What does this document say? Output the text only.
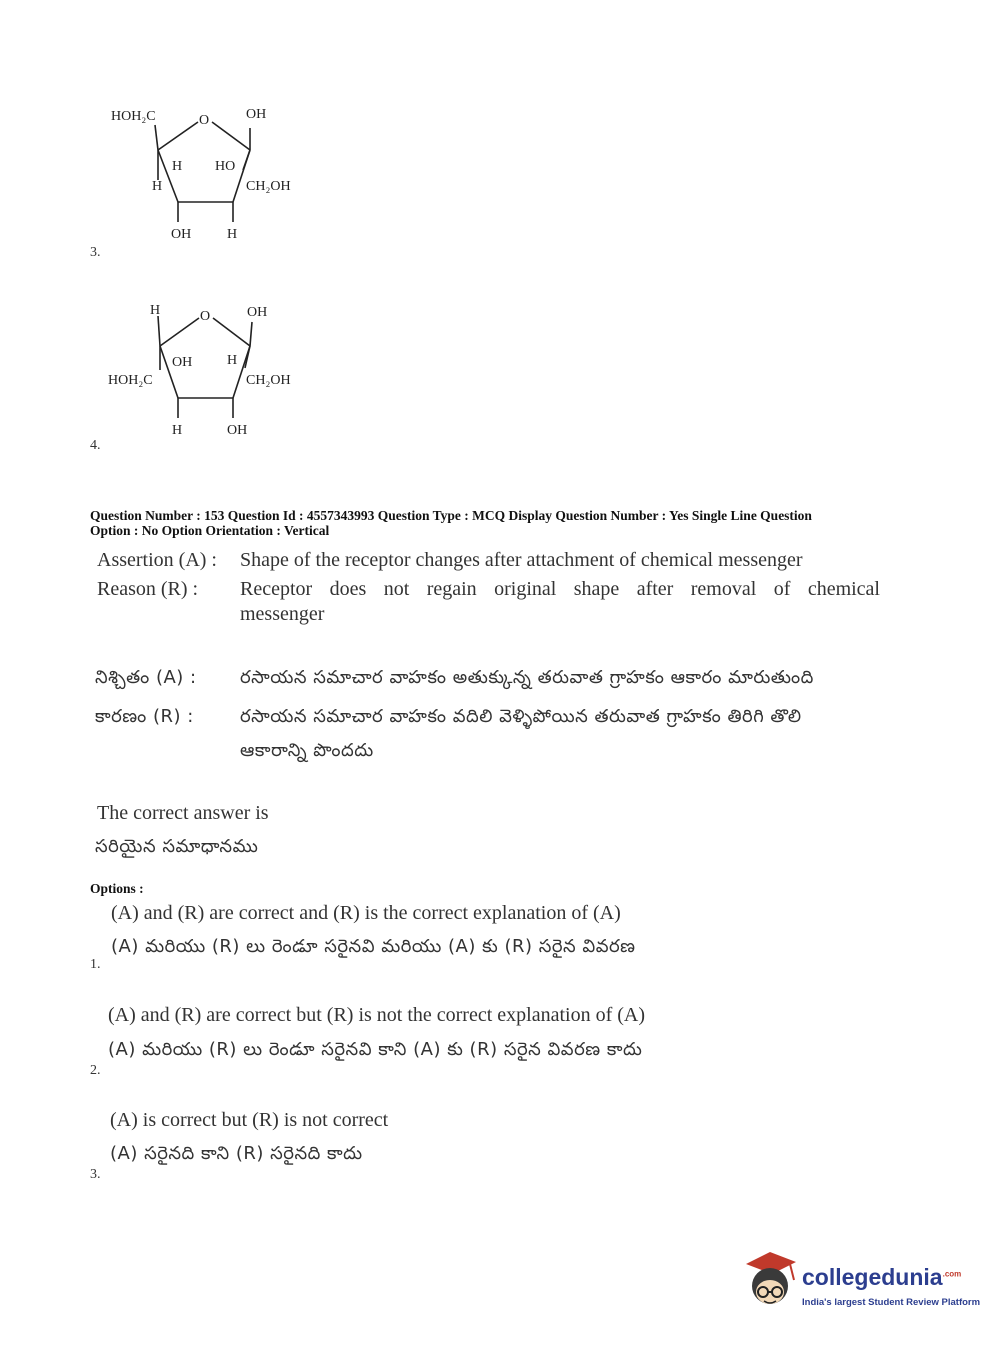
HOH₂C	O	OH
H HO
H	CH₂OH
OH	H
3.
H	O	OH
OH H
HOH₂C	CH₂OH
H	OH
4.
Question Number : 153 Question Id : 4557343993 Question Type : MCQ Display Question Number : Yes Single Line Question
Option : No Option Orientation : Vertical
Assertion (A) : Shape of the receptor changes after attachment of chemical messenger
Reason (R) : Receptor does not regain original shape after removal of chemical
messenger
నిశ్చితం (A) : రసాయన సమాచార వాహకం అతుక్కున్న తరువాత గ్రాహకం ఆకారం మారుతుంది
కారణం (R) :	రసాయన సమాచార వాహకం వదిలి వెళ్ళిపోయిన తరువాత గ్రాహకం తిరిగి తొలి
ఆకారాన్ని పొందదు
The correct answer is
సరియైన సమాధానము
Options :
(A) and (R) are correct and (R) is the correct explanation of (A)
(A) మరియు (R) లు రెండూ సరైనవి మరియు (A) కు (R) సరైన వివరణ
1.
(A) and (R) are correct but (R) is not the correct explanation of (A)
(A) మరియు (R) లు రెండూ సరైనవి కాని (A) కు (R) సరైన వివరణ కాదు
2.
(A) is correct but (R) is not correct
(A) సరైనది కాని (R) సరైనది కాదు
3.
collegedunia$^{.com}$
India's largest Student Review Platform
